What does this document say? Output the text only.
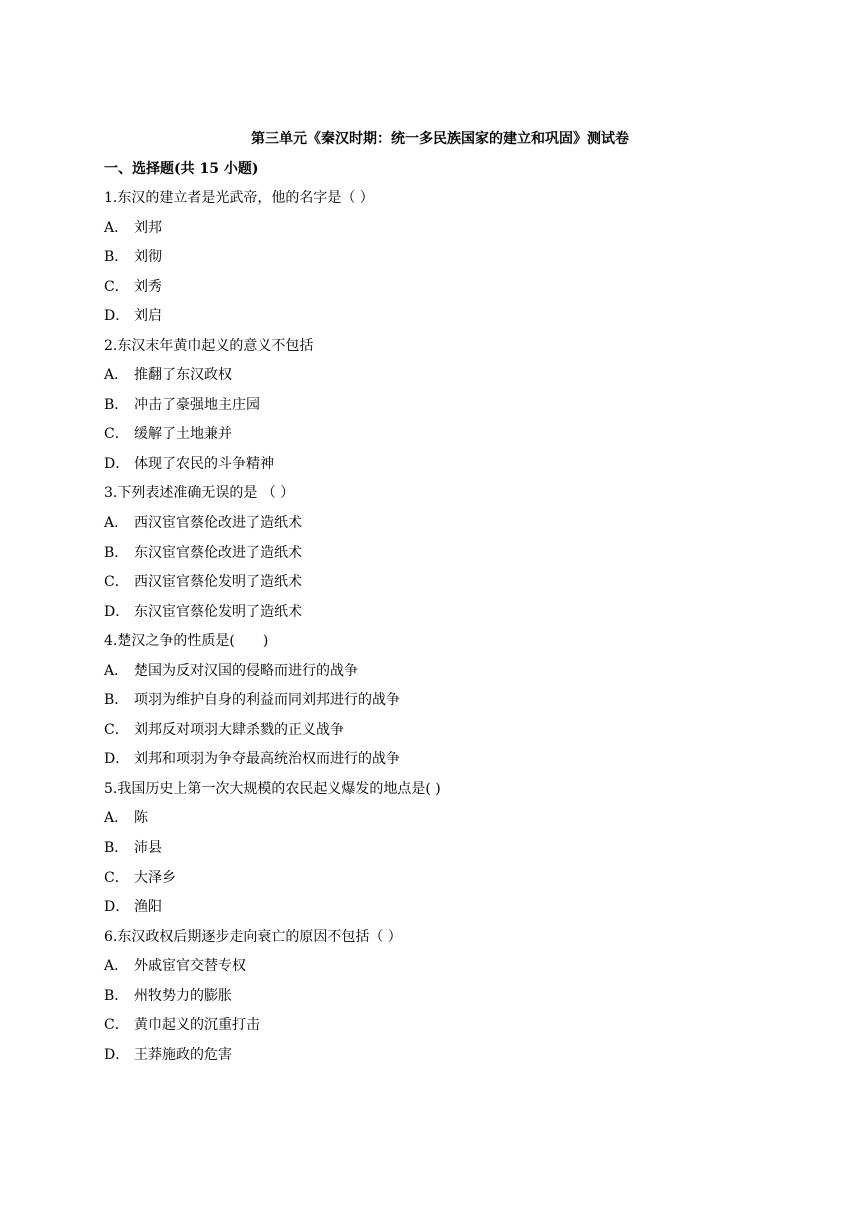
第三单元《秦汉时期：统一多民族国家的建立和巩固》测试卷
一、选择题(共 15 小题)
1.东汉的建立者是光武帝，他的名字是（ ）
A． 刘邦
B． 刘彻
C． 刘秀
D． 刘启
2.东汉末年黄巾起义的意义不包括
A． 推翻了东汉政权
B． 冲击了豪强地主庄园
C． 缓解了土地兼并
D． 体现了农民的斗争精神
3.下列表述准确无误的是 （ ）
A． 西汉宦官蔡伦改进了造纸术
B． 东汉宦官蔡伦改进了造纸术
C． 西汉宦官蔡伦发明了造纸术
D． 东汉宦官蔡伦发明了造纸术
4.楚汉之争的性质是(　　)
A． 楚国为反对汉国的侵略而进行的战争
B． 项羽为维护自身的利益而同刘邦进行的战争
C． 刘邦反对项羽大肆杀戮的正义战争
D． 刘邦和项羽为争夺最高统治权而进行的战争
5.我国历史上第一次大规模的农民起义爆发的地点是( )
A． 陈
B． 沛县
C． 大泽乡
D． 渔阳
6.东汉政权后期逐步走向衰亡的原因不包括（ ）
A． 外戚宦官交替专权
B． 州牧势力的膨胀
C． 黄巾起义的沉重打击
D． 王莽施政的危害
